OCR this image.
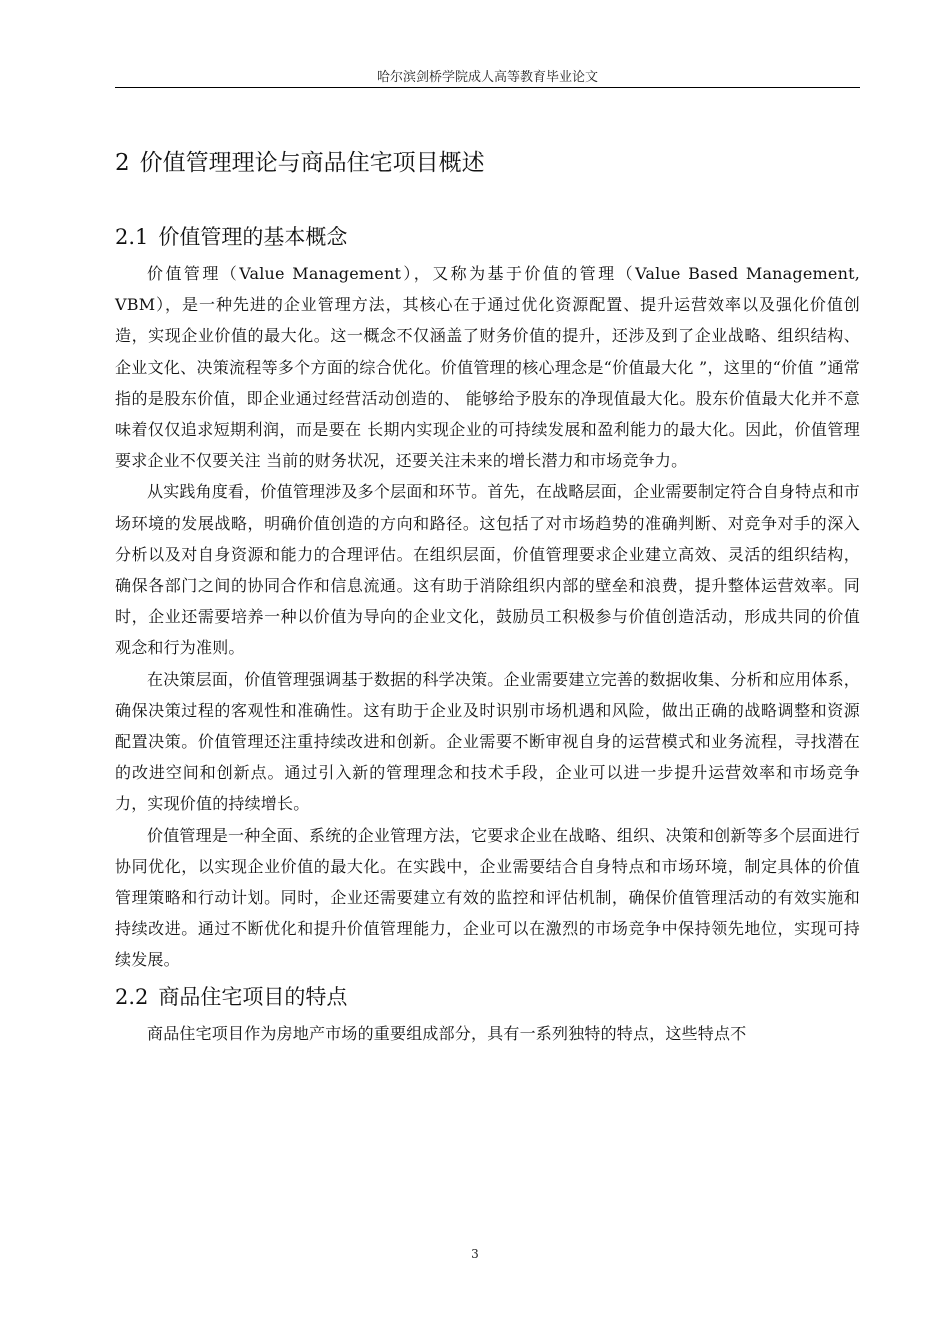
哈尔滨剑桥学院成人高等教育毕业论文
2 价值管理理论与商品住宅项目概述
2.1 价值管理的基本概念

价值管理（Value Management），又称为基于价值的管理（Value Based Management, VBM），是一种先进的企业管理方法，其核心在于通过优化资源配置、提升运营效率以及强化价值创造，实现企业价值的最大化。这一概念不仅涵盖了财务价值的提升，还涉及到了企业战略、组织结构、企业文化、决策流程等多个方面的综合优化。价值管理的核心理念是“价值最大化 ”，这里的“价值 ”通常指的是股东价值，即企业通过经营活动创造的、 能够给予股东的净现值最大化。股东价值最大化并不意味着仅仅追求短期利润，而是要在 长期内实现企业的可持续发展和盈利能力的最大化。因此，价值管理要求企业不仅要关注 当前的财务状况，还要关注未来的增长潜力和市场竞争力。

从实践角度看，价值管理涉及多个层面和环节。首先，在战略层面，企业需要制定符合自身特点和市场环境的发展战略，明确价值创造的方向和路径。这包括了对市场趋势的准确判断、对竞争对手的深入分析以及对自身资源和能力的合理评估。在组织层面，价值管理要求企业建立高效、灵活的组织结构，确保各部门之间的协同合作和信息流通。这有助于消除组织内部的壁垒和浪费，提升整体运营效率。同时，企业还需要培养一种以价值为导向的企业文化，鼓励员工积极参与价值创造活动，形成共同的价值观念和行为准则。

在决策层面，价值管理强调基于数据的科学决策。企业需要建立完善的数据收集、分析和应用体系，确保决策过程的客观性和准确性。这有助于企业及时识别市场机遇和风险，做出正确的战略调整和资源配置决策。价值管理还注重持续改进和创新。企业需要不断审视自身的运营模式和业务流程，寻找潜在的改进空间和创新点。通过引入新的管理理念和技术手段，企业可以进一步提升运营效率和市场竞争力，实现价值的持续增长。

价值管理是一种全面、系统的企业管理方法，它要求企业在战略、组织、决策和创新等多个层面进行协同优化，以实现企业价值的最大化。在实践中，企业需要结合自身特点和市场环境，制定具体的价值管理策略和行动计划。同时，企业还需要建立有效的监控和评估机制，确保价值管理活动的有效实施和持续改进。通过不断优化和提升价值管理能力，企业可以在激烈的市场竞争中保持领先地位，实现可持续发展。

2.2 商品住宅项目的特点

商品住宅项目作为房地产市场的重要组成部分，具有一系列独特的特点，这些特点不

3
